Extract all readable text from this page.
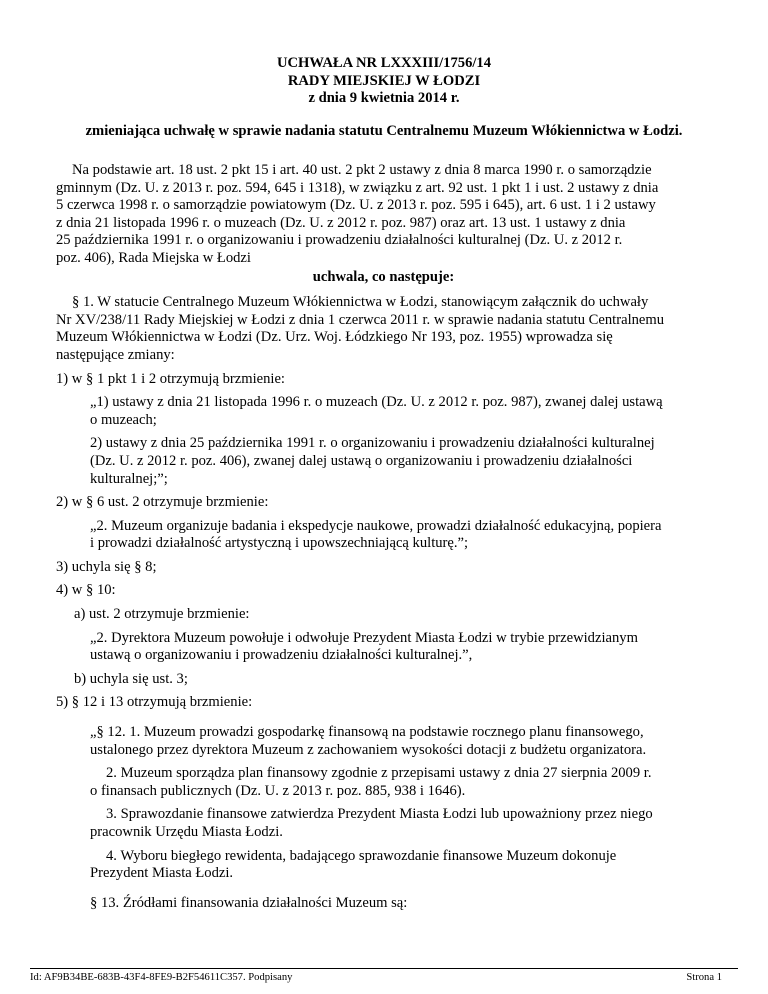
UCHWAŁA NR LXXXIII/1756/14
RADY MIEJSKIEJ W ŁODZI
z dnia 9 kwietnia 2014 r.
zmieniająca uchwałę w sprawie nadania statutu Centralnemu Muzeum Włókiennictwa w Łodzi.
Na podstawie art. 18 ust. 2 pkt 15 i art. 40 ust. 2 pkt 2 ustawy z dnia 8 marca 1990 r. o samorządzie
gminnym (Dz. U. z 2013 r. poz. 594, 645 i 1318), w związku z art. 92 ust. 1 pkt 1 i ust. 2 ustawy z dnia
5 czerwca 1998 r. o samorządzie powiatowym (Dz. U. z 2013 r. poz. 595 i 645), art. 6 ust. 1 i 2 ustawy
z dnia 21 listopada 1996 r. o muzeach (Dz. U. z 2012 r. poz. 987) oraz art. 13 ust. 1 ustawy z dnia
25 października 1991 r. o organizowaniu i prowadzeniu działalności kulturalnej (Dz. U. z 2012 r.
poz. 406), Rada Miejska w Łodzi
uchwala, co następuje:
§ 1. W statucie Centralnego Muzeum Włókiennictwa w Łodzi, stanowiącym załącznik do uchwały
Nr XV/238/11 Rady Miejskiej w Łodzi z dnia 1 czerwca 2011 r. w sprawie nadania statutu Centralnemu
Muzeum Włókiennictwa w Łodzi (Dz. Urz. Woj. Łódzkiego Nr 193, poz. 1955) wprowadza się
następujące zmiany:
1) w § 1 pkt 1 i 2 otrzymują brzmienie:
„1) ustawy z dnia 21 listopada 1996 r. o muzeach (Dz. U. z 2012 r. poz. 987), zwanej dalej ustawą
o muzeach;
2) ustawy z dnia 25 października 1991 r. o organizowaniu i prowadzeniu działalności kulturalnej
(Dz. U. z 2012 r. poz. 406), zwanej dalej ustawą o organizowaniu i prowadzeniu działalności
kulturalnej;”;
2) w § 6 ust. 2 otrzymuje brzmienie:
„2. Muzeum organizuje badania i ekspedycje naukowe, prowadzi działalność edukacyjną, popiera
i prowadzi działalność artystyczną i upowszechniającą kulturę.”;
3) uchyla się § 8;
4) w § 10:
a) ust. 2 otrzymuje brzmienie:
„2. Dyrektora Muzeum powołuje i odwołuje Prezydent Miasta Łodzi w trybie przewidzianym
ustawą o organizowaniu i prowadzeniu działalności kulturalnej.”,
b) uchyla się ust. 3;
5) § 12 i 13 otrzymują brzmienie:
„§ 12. 1. Muzeum prowadzi gospodarkę finansową na podstawie rocznego planu finansowego,
ustalonego przez dyrektora Muzeum z zachowaniem wysokości dotacji z budżetu organizatora.
2. Muzeum sporządza plan finansowy zgodnie z przepisami ustawy z dnia 27 sierpnia 2009 r.
o finansach publicznych (Dz. U. z 2013 r. poz. 885, 938 i 1646).
3. Sprawozdanie finansowe zatwierdza Prezydent Miasta Łodzi lub upoważniony przez niego
pracownik Urzędu Miasta Łodzi.
4. Wyboru biegłego rewidenta, badającego sprawozdanie finansowe Muzeum dokonuje
Prezydent Miasta Łodzi.
§ 13. Źródłami finansowania działalności Muzeum są:
Id: AF9B34BE-683B-43F4-8FE9-B2F54611C357. Podpisany	Strona 1
